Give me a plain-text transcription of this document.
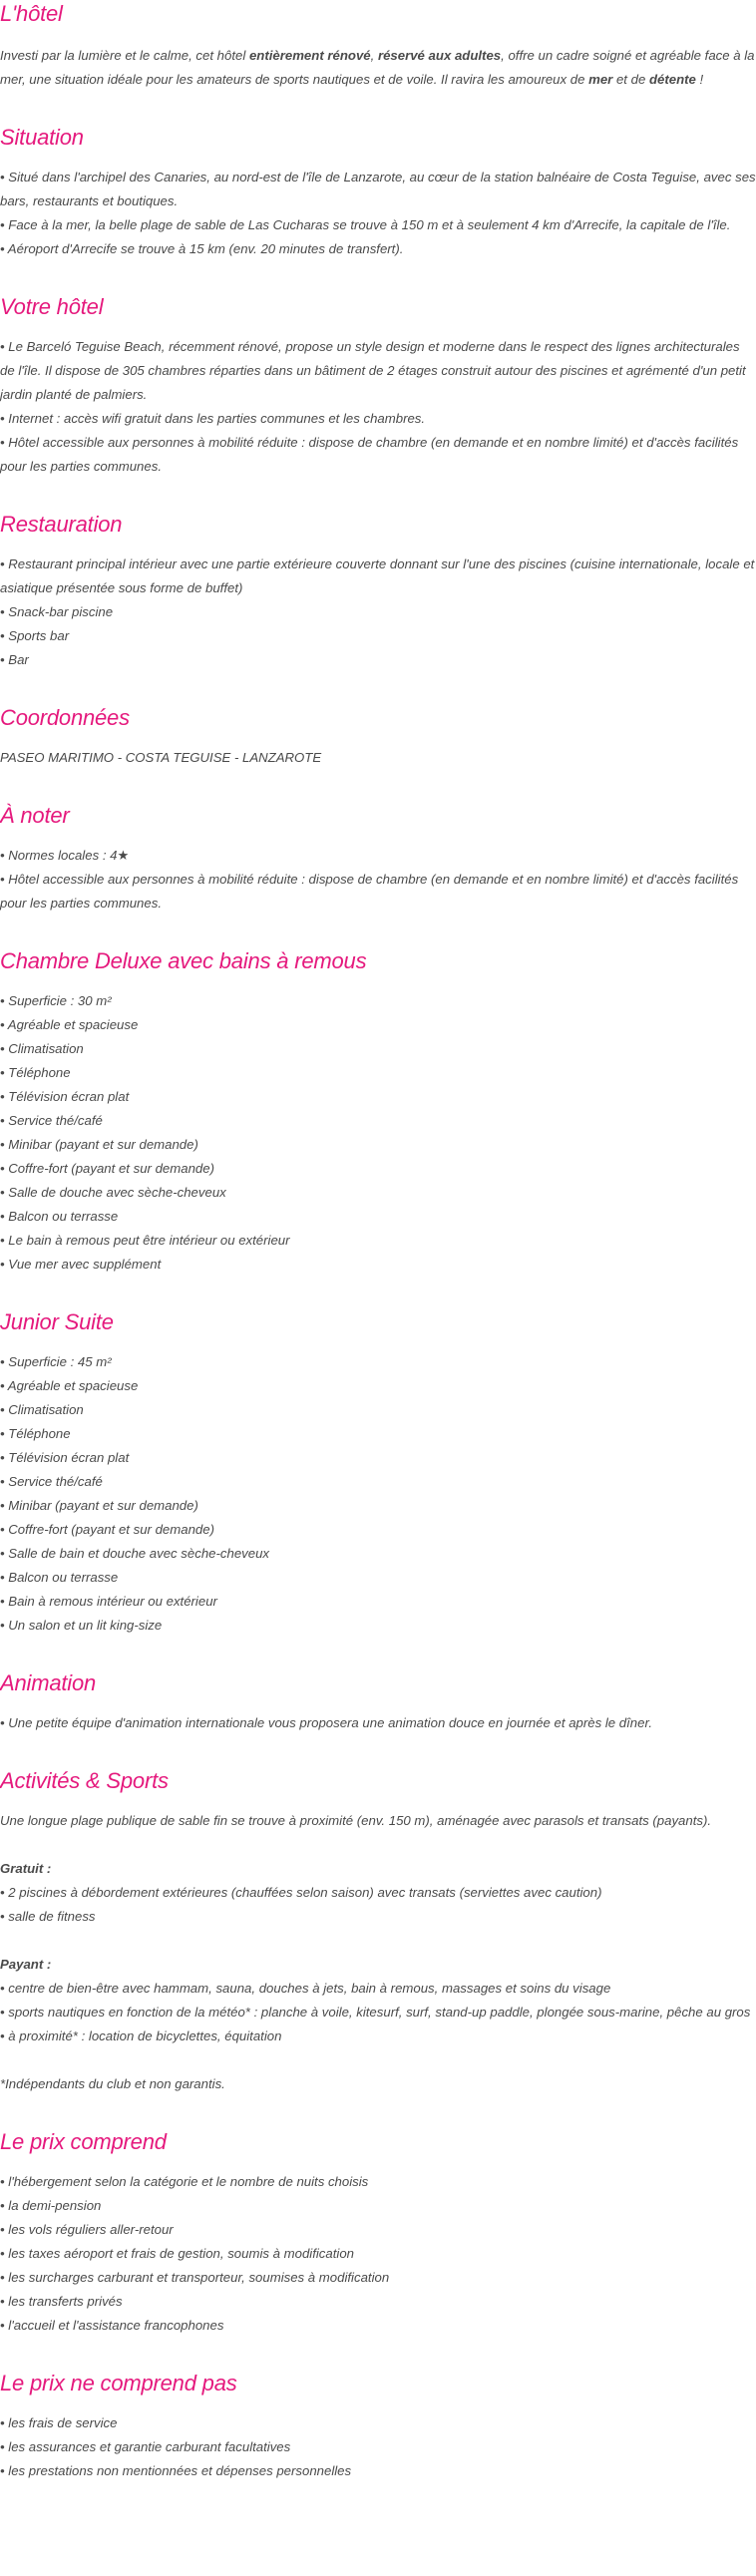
L'hôtel

Investi par la lumière et le calme, cet hôtel entièrement rénové, réservé aux adultes, offre un cadre soigné et agréable face à la mer, une situation idéale pour les amateurs de sports nautiques et de voile. Il ravira les amoureux de mer et de détente !

Situation

• Situé dans l'archipel des Canaries, au nord-est de l'île de Lanzarote, au cœur de la station balnéaire de Costa Teguise, avec ses bars, restaurants et boutiques.

• Face à la mer, la belle plage de sable de Las Cucharas se trouve à 150 m et à seulement 4 km d'Arrecife, la capitale de l'île.

• Aéroport d'Arrecife se trouve à 15 km (env. 20 minutes de transfert).

Votre hôtel

• Le Barceló Teguise Beach, récemment rénové, propose un style design et moderne dans le respect des lignes architecturales de l'île. Il dispose de 305 chambres réparties dans un bâtiment de 2 étages construit autour des piscines et agrémenté d'un petit jardin planté de palmiers.

• Internet : accès wifi gratuit dans les parties communes et les chambres.

• Hôtel accessible aux personnes à mobilité réduite : dispose de chambre (en demande et en nombre limité) et d'accès facilités pour les parties communes.

Restauration

• Restaurant principal intérieur avec une partie extérieure couverte donnant sur l'une des piscines (cuisine internationale, locale et asiatique présentée sous forme de buffet)

• Snack-bar piscine

• Sports bar

• Bar

Coordonnées

PASEO MARITIMO - COSTA TEGUISE - LANZAROTE

À noter

• Normes locales : 4★

• Hôtel accessible aux personnes à mobilité réduite : dispose de chambre (en demande et en nombre limité) et d'accès facilités pour les parties communes.

Chambre Deluxe avec bains à remous

• Superficie : 30 m²

• Agréable et spacieuse

• Climatisation

• Téléphone

• Télévision écran plat

• Service thé/café

• Minibar (payant et sur demande)

• Coffre-fort (payant et sur demande)

• Salle de douche avec sèche-cheveux

• Balcon ou terrasse

• Le bain à remous peut être intérieur ou extérieur

• Vue mer avec supplément

Junior Suite

• Superficie : 45 m²

• Agréable et spacieuse

• Climatisation

• Téléphone

• Télévision écran plat

• Service thé/café

• Minibar (payant et sur demande)

• Coffre-fort (payant et sur demande)

• Salle de bain et douche avec sèche-cheveux

• Balcon ou terrasse

• Bain à remous intérieur ou extérieur

• Un salon et un lit king-size

Animation

• Une petite équipe d'animation internationale vous proposera une animation douce en journée et après le dîner.

Activités & Sports

Une longue plage publique de sable fin se trouve à proximité (env. 150 m), aménagée avec parasols et transats (payants).

Gratuit :

• 2 piscines à débordement extérieures (chauffées selon saison) avec transats (serviettes avec caution)

• salle de fitness

Payant :

• centre de bien-être avec hammam, sauna, douches à jets, bain à remous, massages et soins du visage

• sports nautiques en fonction de la météo* : planche à voile, kitesurf, surf, stand-up paddle, plongée sous-marine, pêche au gros

• à proximité* : location de bicyclettes, équitation

*Indépendants du club et non garantis.

Le prix comprend

• l'hébergement selon la catégorie et le nombre de nuits choisis

• la demi-pension

• les vols réguliers aller-retour

• les taxes aéroport et frais de gestion, soumis à modification

• les surcharges carburant et transporteur, soumises à modification

• les transferts privés

• l'accueil et l'assistance francophones

Le prix ne comprend pas

• les frais de service

• les assurances et garantie carburant facultatives

• les prestations non mentionnées et dépenses personnelles
